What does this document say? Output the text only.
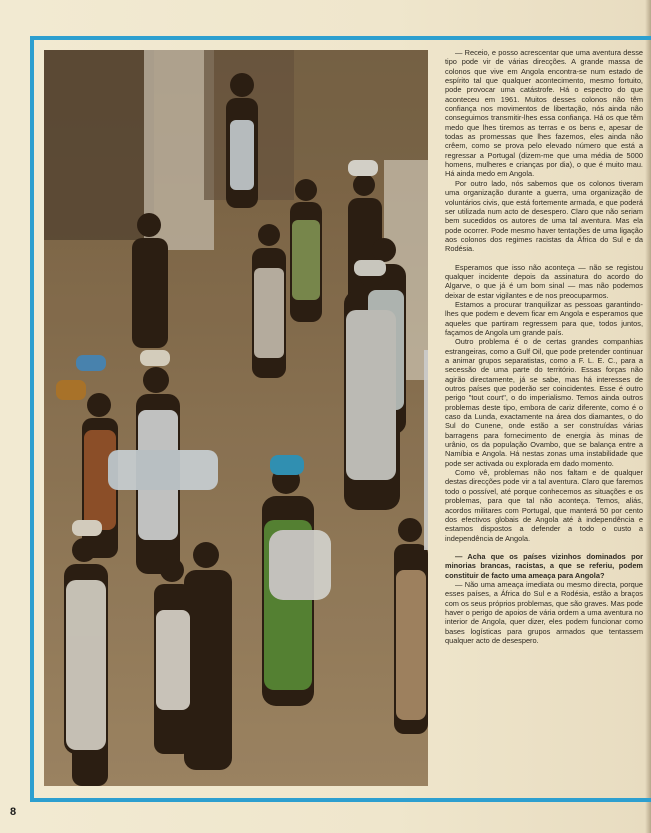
— Receio, e posso acrescentar que uma aventura desse tipo pode vir de várias direcções. A grande massa de colonos que vive em Angola encontra-se num estado de espírito tal que qualquer acontecimento, mesmo fortuito, pode provocar uma catástrofe. Há o espectro do que aconteceu em 1961. Muitos desses colonos não têm confiança nos movimentos de libertação, nós ainda não conseguimos transmitir-lhes essa confiança. Há os que têm medo que lhes tiremos as terras e os bens e, apesar de todas as promessas que lhes fazemos, eles ainda não crêem, como se prova pelo elevado número que está a regressar a Portugal (dizem-me que uma média de 5000 homens, mulheres e crianças por dia), o que é muito mau. Há ainda medo em Angola.

Por outro lado, nós sabemos que os colonos tiveram uma organização durante a guerra, uma organização de voluntários civis, que está fortemente armada, e que poderá ser utilizada num acto de desespero. Claro que não seriam bem sucedidos os autores de uma tal aventura. Mas ela pode ocorrer. Pode mesmo haver tentações de uma ligação aos colonos dos regimes racistas da África do Sul e da Rodésia.

Esperamos que isso não aconteça — não se registou qualquer incidente depois da assinatura do acordo do Algarve, o que já é um bom sinal — mas não podemos deixar de estar vigilantes e de nos preocuparmos.

Estamos a procurar tranquilizar as pessoas garantindo-lhes que podem e devem ficar em Angola e esperamos que aqueles que partiram regressem para que, todos juntos, façamos de Angola um grande país.

Outro problema é o de certas grandes companhias estrangeiras, como a Gulf Oil, que pode pretender continuar a animar grupos separatistas, como a F. L. E. C., para a secessão de uma parte do território. Essas forças não agirão directamente, já se sabe, mas há interesses de outros países que poderão ser coincidentes. Esse é outro perigo "tout court", o do imperialismo. Temos ainda outros problemas deste tipo, embora de cariz diferente, como é o caso da Lunda, exactamente na área dos diamantes, o do Sul do Cunene, onde estão a ser construídas várias barragens para fornecimento de energia às minas de urânio, os da população Ovambo, que se balança entre a Namíbia e Angola. Há nestas zonas uma instabilidade que pode ser activada ou explorada em dado momento.

Como vê, problemas não nos faltam e de qualquer destas direcções pode vir a tal aventura. Claro que faremos todo o possível, até porque conhecemos as situações e os problemas, para que tal não aconteça. Temos, aliás, acordos militares com Portugal, que manterá 50 por cento dos efectivos globais de Angola até à independência e estamos dispostos a defender a todo o custo a independência de Angola.

— Acha que os países vizinhos dominados por minorias brancas, racistas, a que se referiu, podem constituir de facto uma ameaça para Angola?

— Não uma ameaça imediata ou mesmo directa, porque esses países, a África do Sul e a Rodésia, estão a braços com os seus próprios problemas, que são graves. Mas pode haver o perigo de apoios de vária ordem a uma aventura no interior de Angola, quer dizer, eles podem funcionar como bases logísticas para grupos armados que tentassem qualquer acto de desespero.

8
